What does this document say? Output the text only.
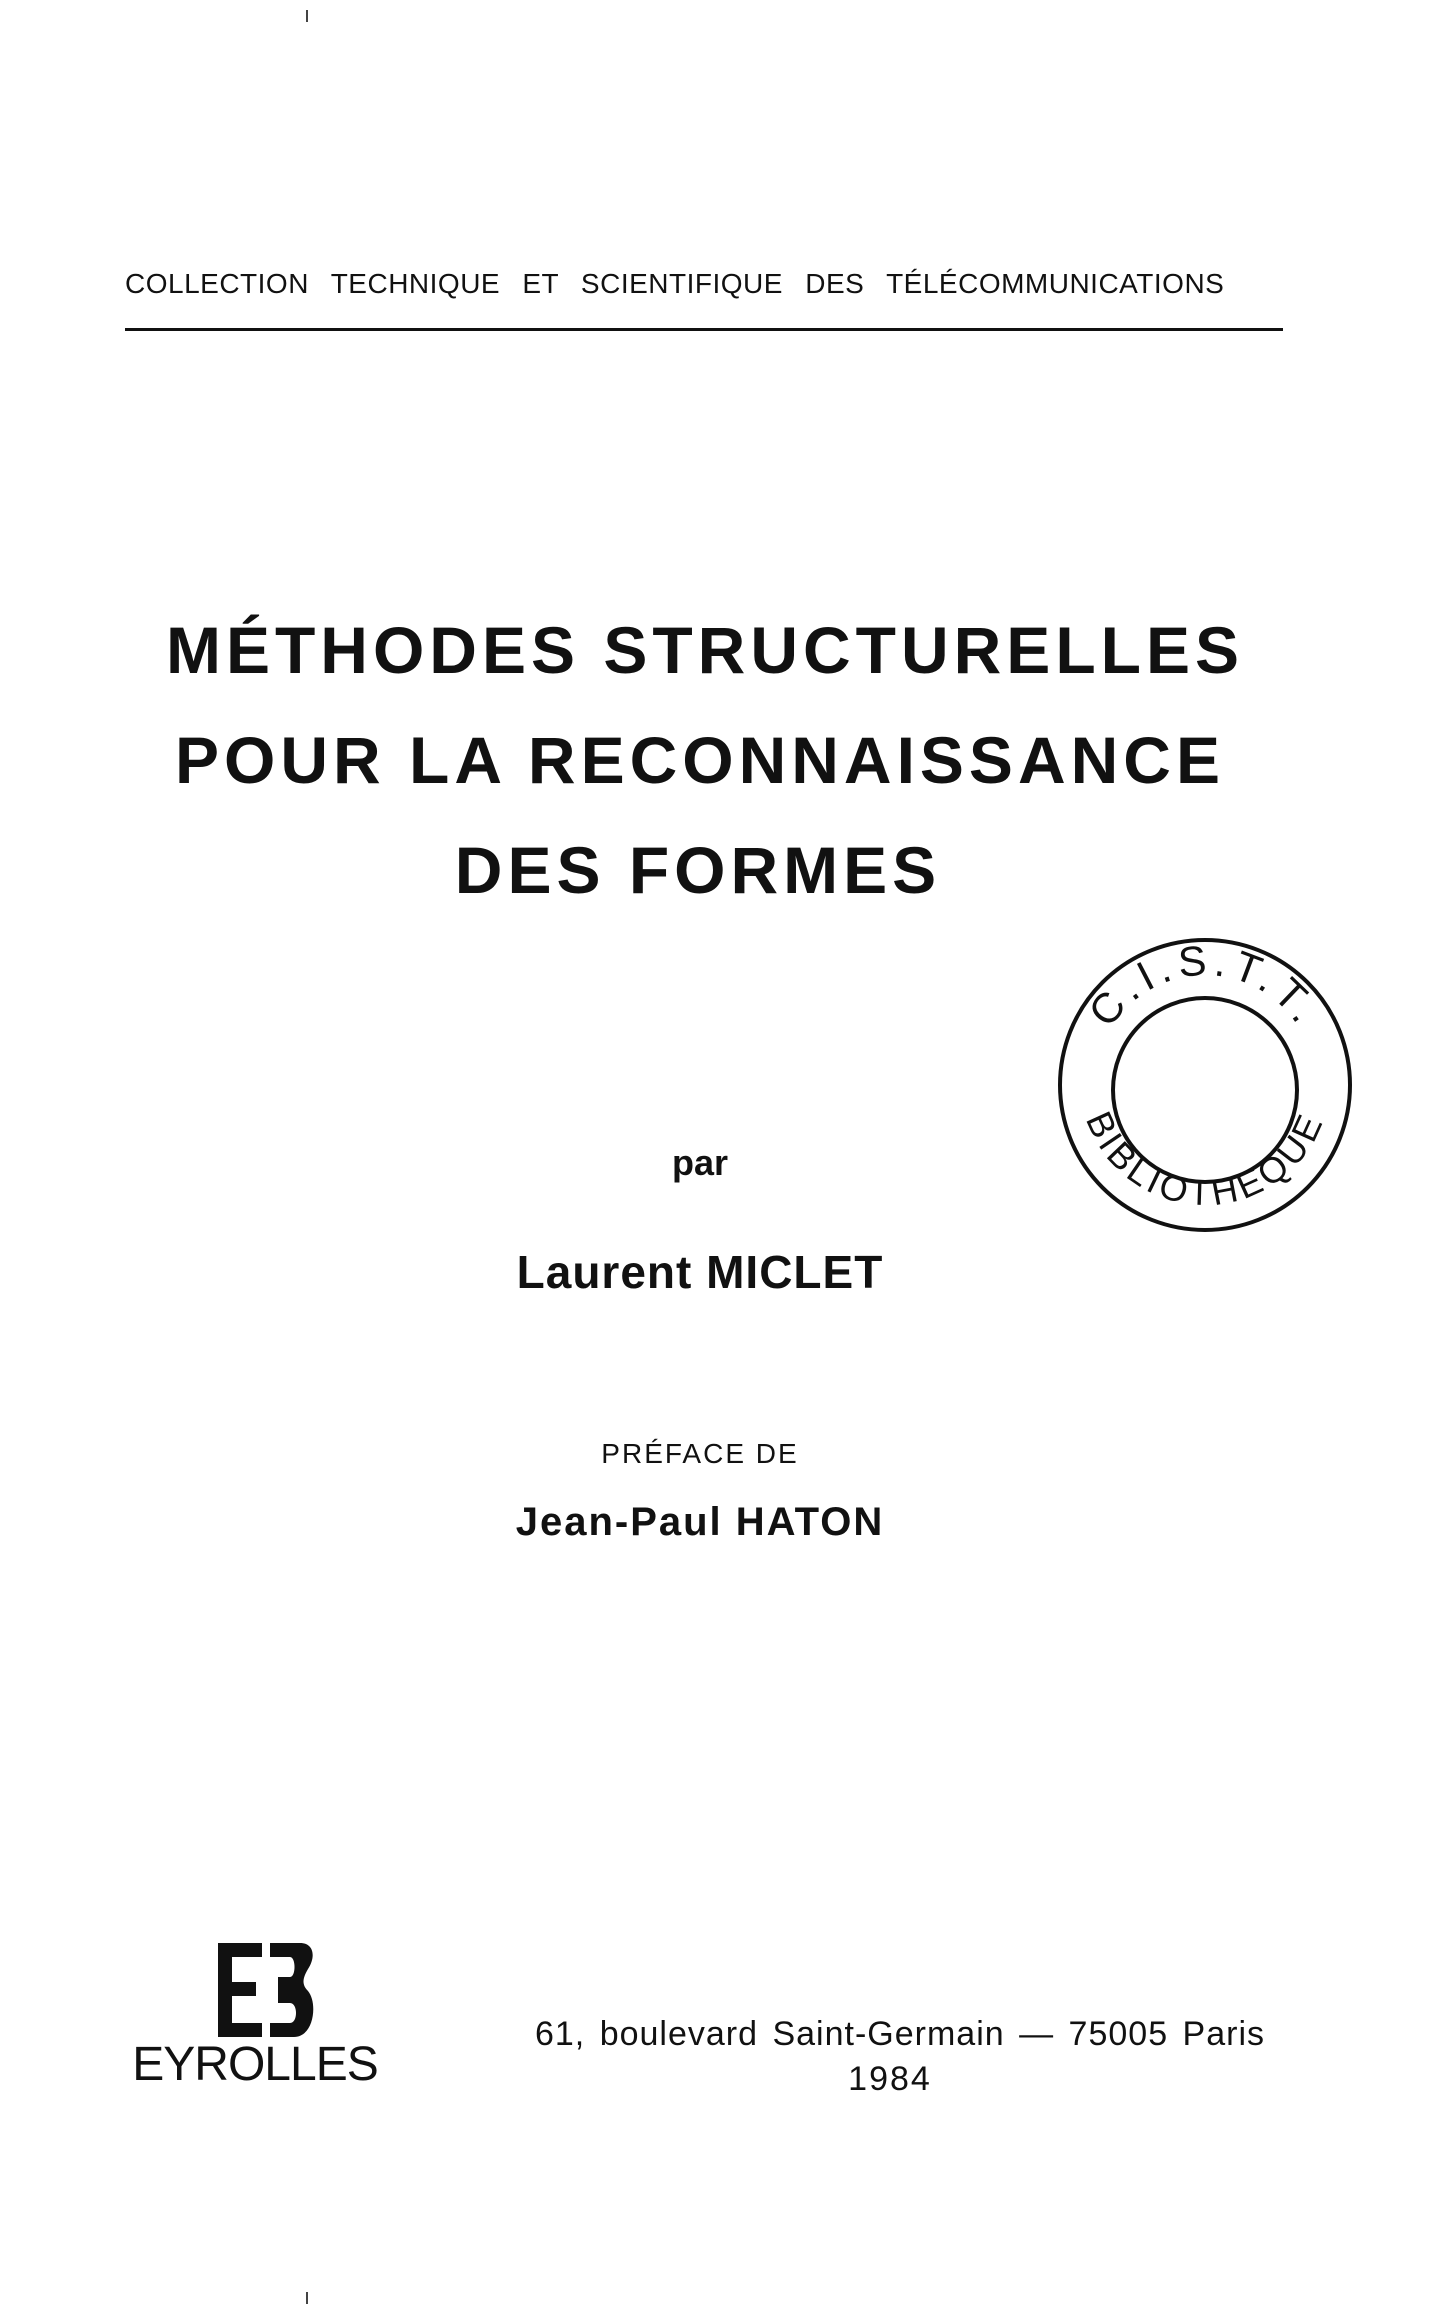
COLLECTION TECHNIQUE ET SCIENTIFIQUE DES TÉLÉCOMMUNICATIONS
MÉTHODES STRUCTURELLES
POUR LA RECONNAISSANCE
DES FORMES
C.I.S.T.T.
BIBLIOTHEQUE
par
Laurent MICLET
PRÉFACE DE
Jean-Paul HATON
EYROLLES
61, boulevard Saint-Germain — 75005 Paris
1984
